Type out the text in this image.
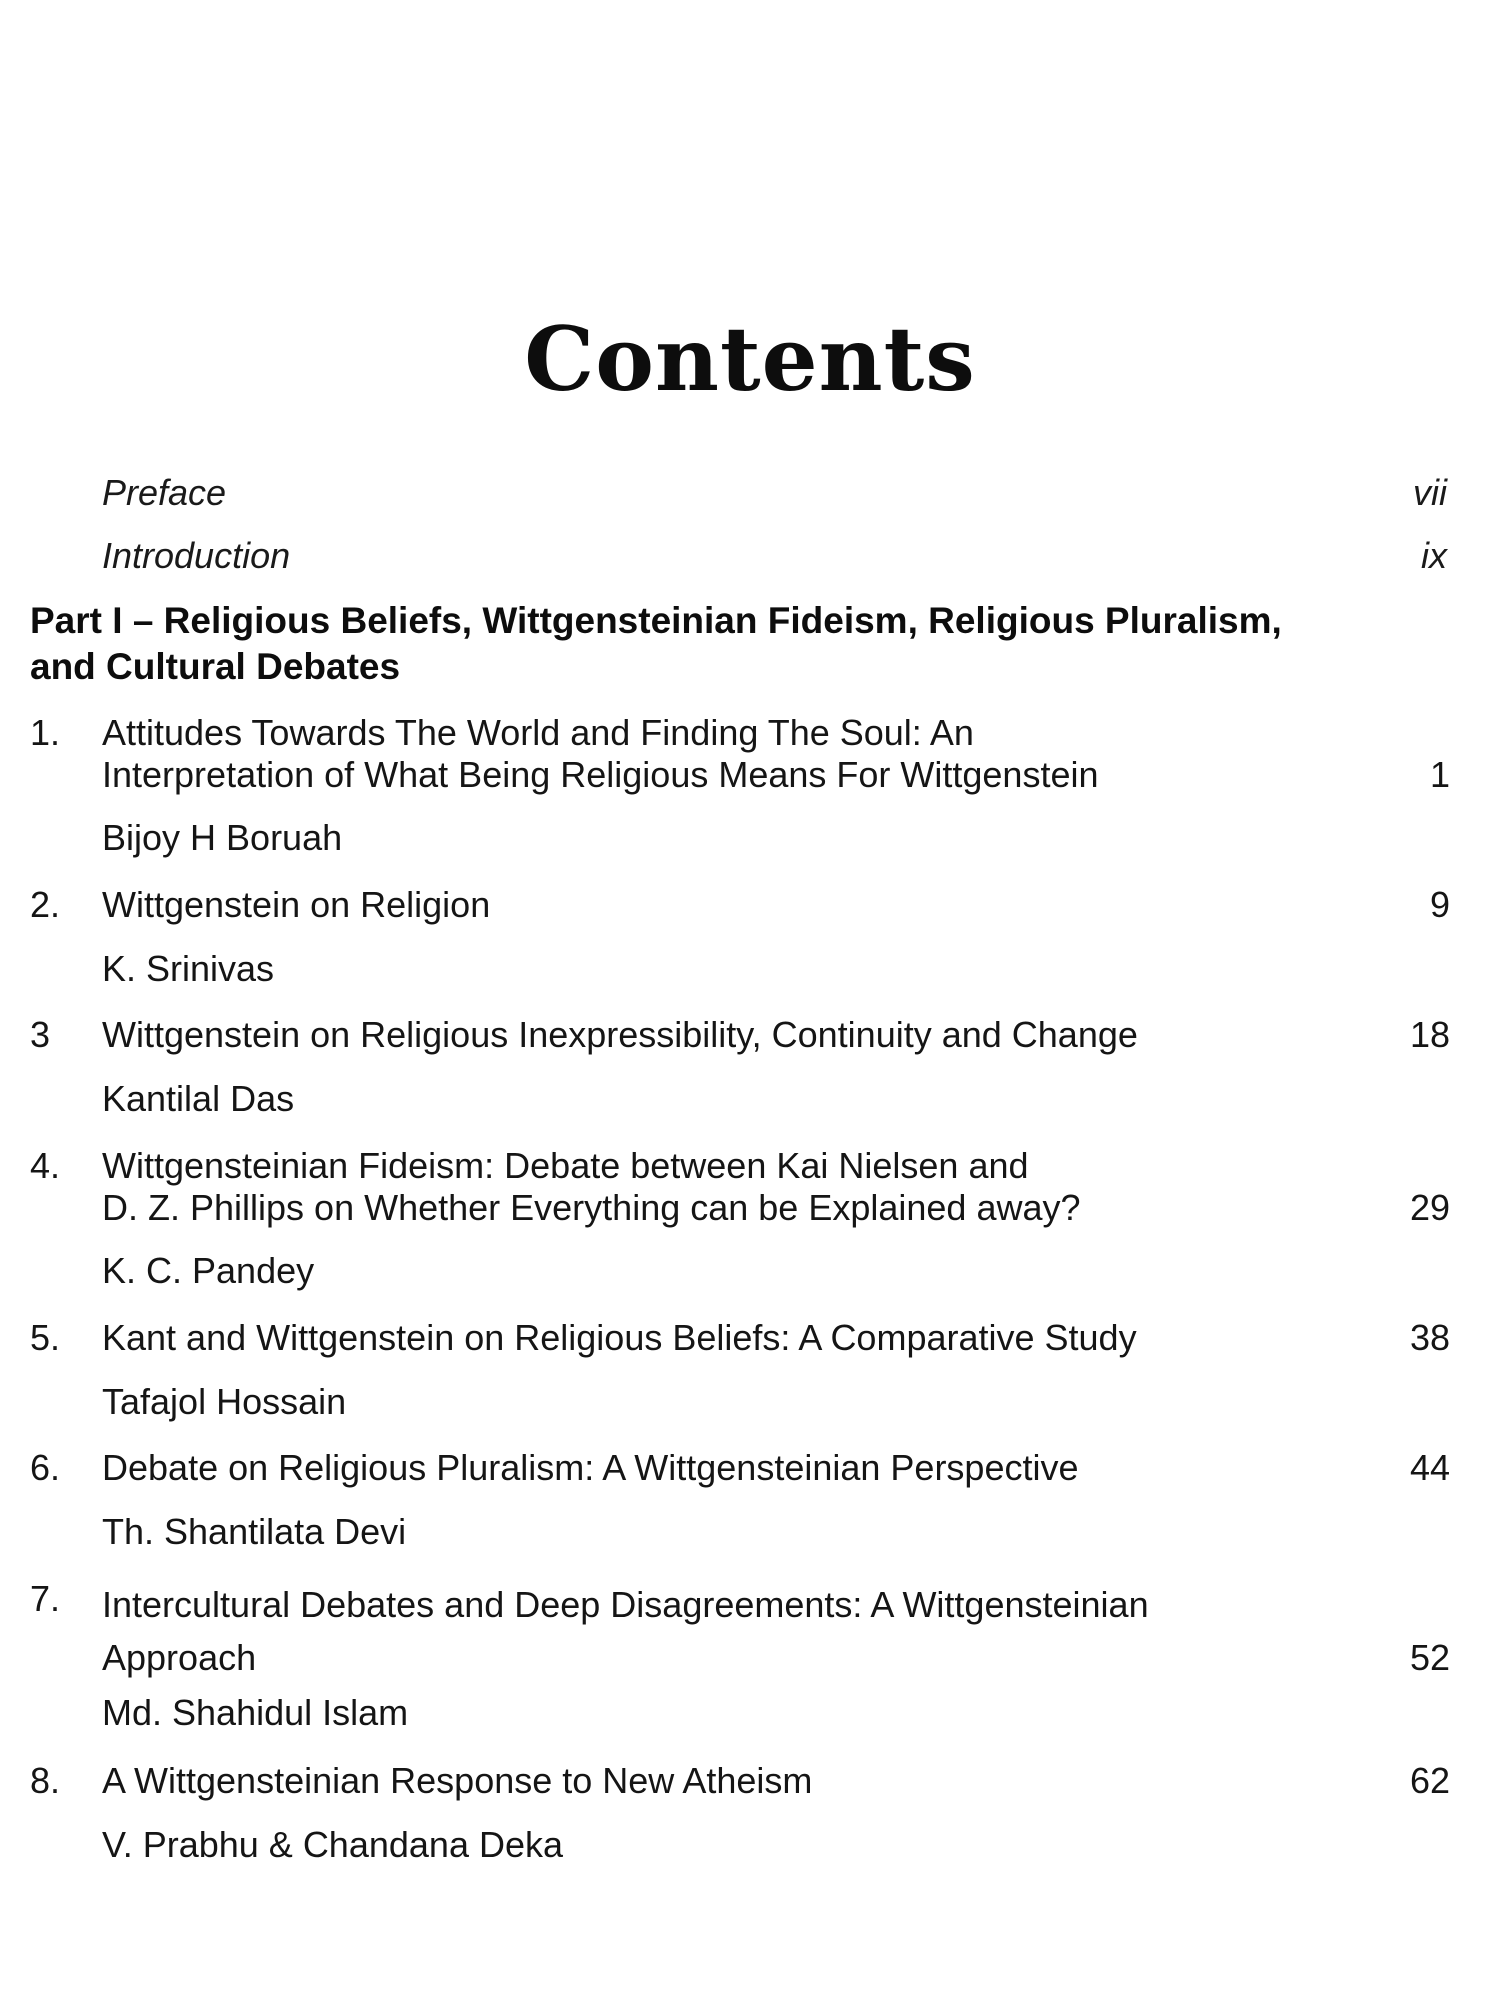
Contents
Preface	vii
Introduction	ix
Part I – Religious Beliefs, Wittgensteinian Fideism, Religious Pluralism,
and Cultural Debates
1.	Attitudes Towards The World and Finding The Soul: An
Interpretation of What Being Religious Means For Wittgenstein	1
Bijoy H Boruah
2.	Wittgenstein on Religion	9
K. Srinivas
3	Wittgenstein on Religious Inexpressibility, Continuity and Change	18
Kantilal Das
4.	Wittgensteinian Fideism: Debate between Kai Nielsen and
D. Z. Phillips on Whether Everything can be Explained away?	29
K. C. Pandey
5.	Kant and Wittgenstein on Religious Beliefs: A Comparative Study	38
Tafajol Hossain
6.	Debate on Religious Pluralism: A Wittgensteinian Perspective	44
Th. Shantilata Devi
7.	Intercultural Debates and Deep Disagreements: A Wittgensteinian
Approach	52
Md. Shahidul Islam
8.	A Wittgensteinian Response to New Atheism	62
V. Prabhu & Chandana Deka
